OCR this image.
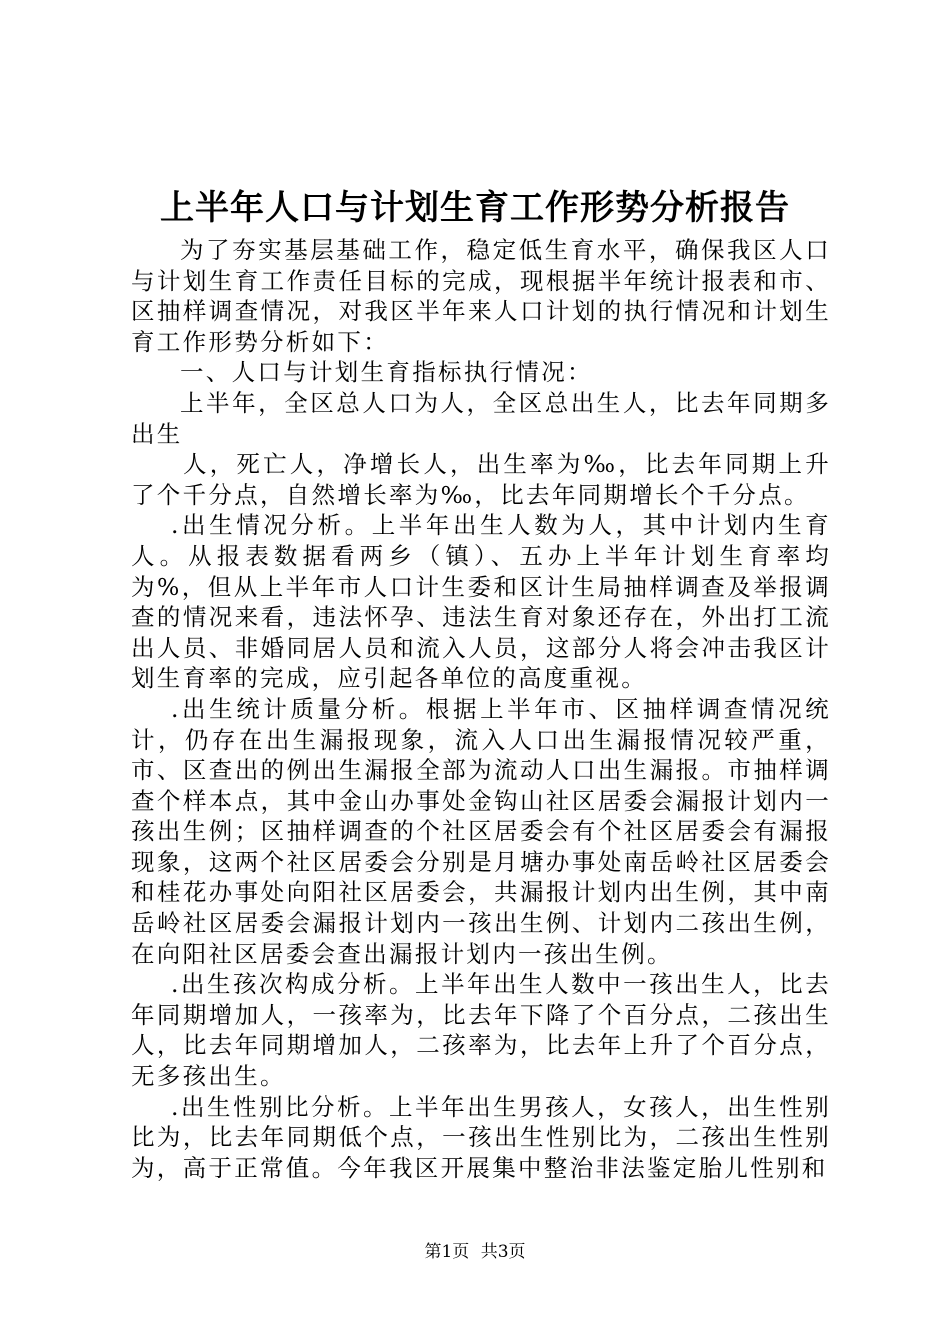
上半年人口与计划生育工作形势分析报告

为了夯实基层基础工作，稳定低生育水平，确保我区人口与计划生育工作责任目标的完成，现根据半年统计报表和市、区抽样调查情况，对我区半年来人口计划的执行情况和计划生育工作形势分析如下：

一、人口与计划生育指标执行情况：

上半年，全区总人口为人，全区总出生人，比去年同期多出生

人，死亡人，净增长人，出生率为‰，比去年同期上升了个千分点，自然增长率为‰，比去年同期增长个千分点。

.出生情况分析。上半年出生人数为人，其中计划内生育人。从报表数据看两乡（镇）、五办上半年计划生育率均为%，但从上半年市人口计生委和区计生局抽样调查及举报调查的情况来看，违法怀孕、违法生育对象还存在，外出打工流出人员、非婚同居人员和流入人员，这部分人将会冲击我区计划生育率的完成，应引起各单位的高度重视。

.出生统计质量分析。根据上半年市、区抽样调查情况统计，仍存在出生漏报现象，流入人口出生漏报情况较严重，市、区查出的例出生漏报全部为流动人口出生漏报。市抽样调查个样本点，其中金山办事处金钩山社区居委会漏报计划内一孩出生例；区抽样调查的个社区居委会有个社区居委会有漏报现象，这两个社区居委会分别是月塘办事处南岳岭社区居委会和桂花办事处向阳社区居委会，共漏报计划内出生例，其中南岳岭社区居委会漏报计划内一孩出生例、计划内二孩出生例，在向阳社区居委会查出漏报计划内一孩出生例。

.出生孩次构成分析。上半年出生人数中一孩出生人，比去年同期增加人，一孩率为，比去年下降了个百分点，二孩出生人，比去年同期增加人，二孩率为，比去年上升了个百分点，无多孩出生。

.出生性别比分析。上半年出生男孩人，女孩人，出生性别比为，比去年同期低个点，一孩出生性别比为，二孩出生性别为，高于正常值。今年我区开展集中整治非法鉴定胎儿性别和

第1页 共3页
